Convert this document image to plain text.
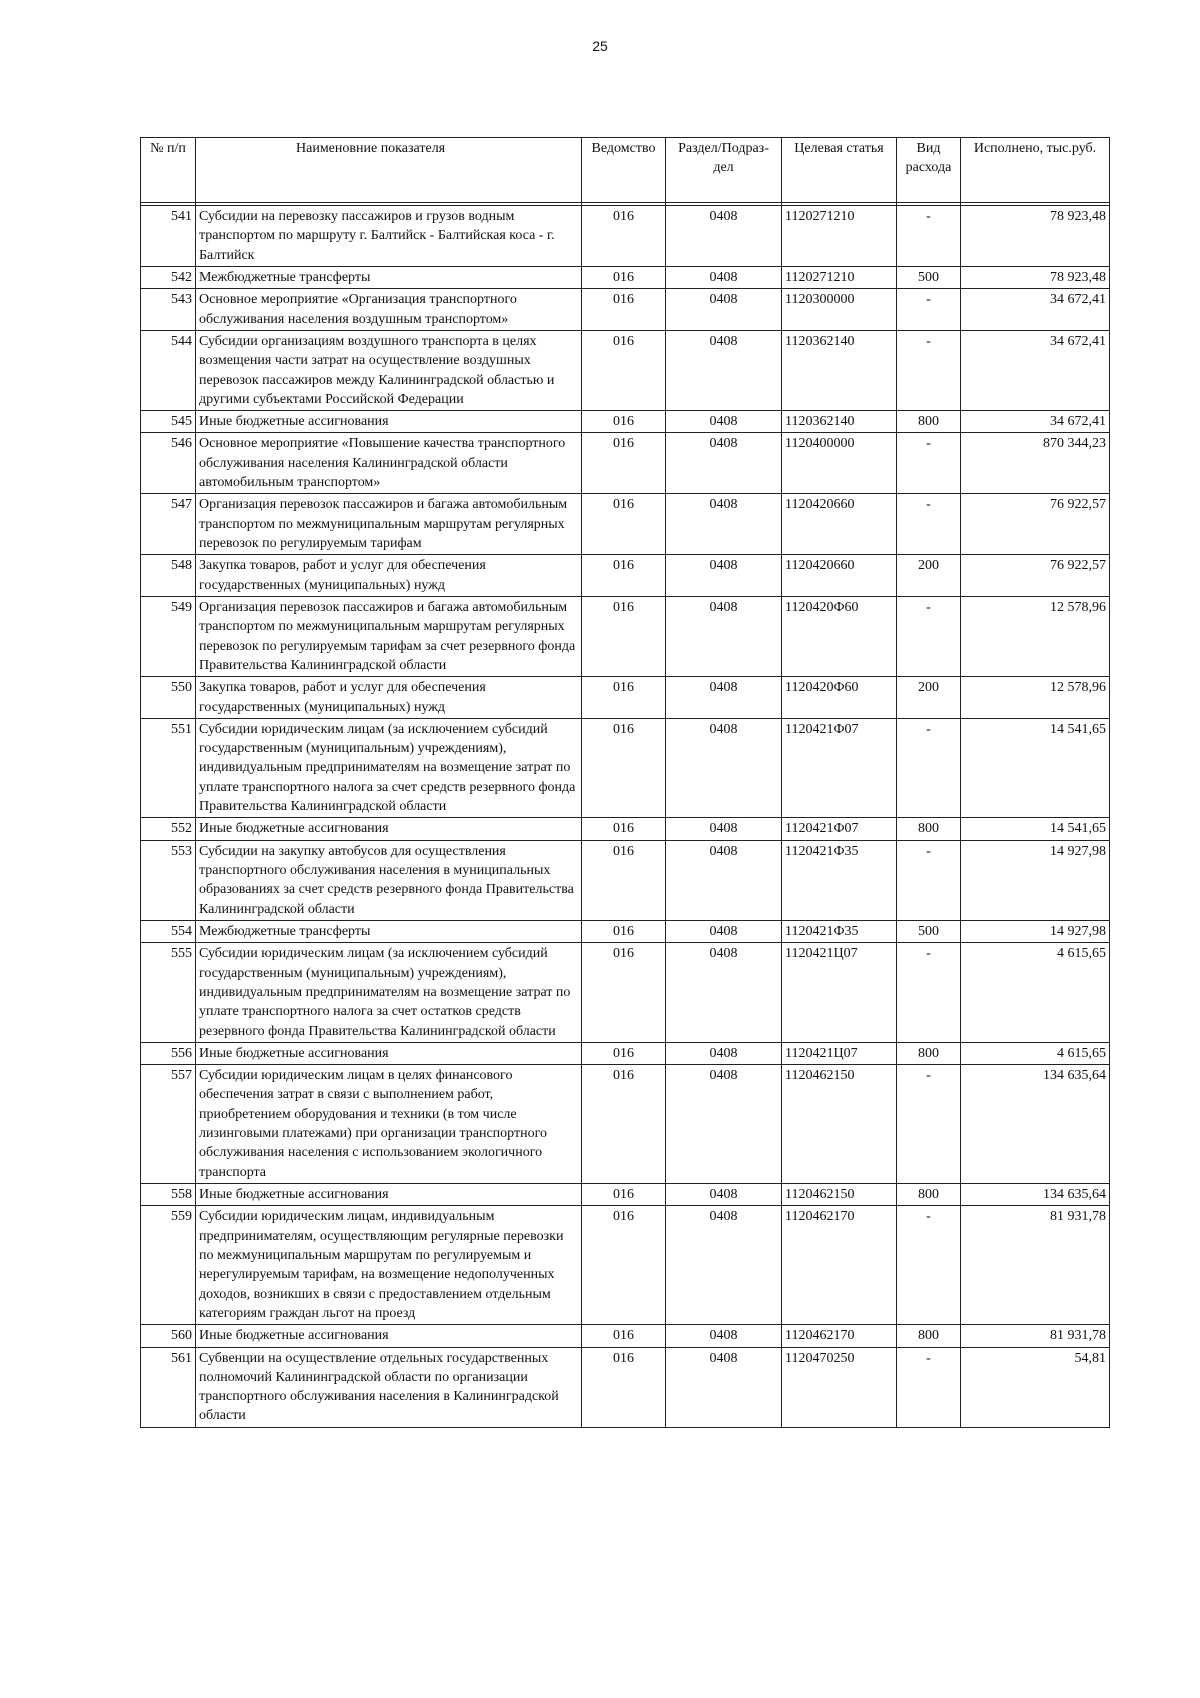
25
№ п/п	Наименовние показателя	Ведомство	Раздел/Подраз-дел	Целевая статья	Вид расхода	Исполнено, тыс.руб.

541	Субсидии на перевозку пассажиров и грузов водным транспортом по маршруту г. Балтийск - Балтийская коса - г. Балтийск	016	0408	1120271210	-	78 923,48
542	Межбюджетные трансферты	016	0408	1120271210	500	78 923,48
543	Основное мероприятие «Организация транспортного обслуживания населения воздушным транспортом»	016	0408	1120300000	-	34 672,41
544	Субсидии организациям воздушного транспорта в целях возмещения части затрат на осуществление воздушных перевозок пассажиров между Калининградской областью и другими субъектами Российской Федерации	016	0408	1120362140	-	34 672,41
545	Иные бюджетные ассигнования	016	0408	1120362140	800	34 672,41
546	Основное мероприятие «Повышение качества транспортного обслуживания населения Калининградской области автомобильным транспортом»	016	0408	1120400000	-	870 344,23
547	Организация перевозок пассажиров и багажа автомобильным транспортом по межмуниципальным маршрутам регулярных перевозок по регулируемым тарифам	016	0408	1120420660	-	76 922,57
548	Закупка товаров, работ и услуг для обеспечения государственных (муниципальных) нужд	016	0408	1120420660	200	76 922,57
549	Организация перевозок пассажиров и багажа автомобильным транспортом по межмуниципальным маршрутам регулярных перевозок по регулируемым тарифам за счет резервного фонда Правительства Калининградской области	016	0408	1120420Ф60	-	12 578,96
550	Закупка товаров, работ и услуг для обеспечения государственных (муниципальных) нужд	016	0408	1120420Ф60	200	12 578,96
551	Субсидии юридическим лицам (за исключением субсидий государственным (муниципальным) учреждениям), индивидуальным предпринимателям на возмещение затрат по уплате транспортного налога за счет средств резервного фонда Правительства Калининградской области	016	0408	1120421Ф07	-	14 541,65
552	Иные бюджетные ассигнования	016	0408	1120421Ф07	800	14 541,65
553	Субсидии на закупку автобусов для осуществления транспортного обслуживания населения в муниципальных образованиях за счет средств резервного фонда Правительства Калининградской области	016	0408	1120421Ф35	-	14 927,98
554	Межбюджетные трансферты	016	0408	1120421Ф35	500	14 927,98
555	Субсидии юридическим лицам (за исключением субсидий государственным (муниципальным) учреждениям), индивидуальным предпринимателям на возмещение затрат по уплате транспортного налога за счет остатков средств резервного фонда Правительства Калининградской области	016	0408	1120421Ц07	-	4 615,65
556	Иные бюджетные ассигнования	016	0408	1120421Ц07	800	4 615,65
557	Субсидии юридическим лицам в целях финансового обеспечения затрат в связи с выполнением работ, приобретением оборудования и техники (в том числе лизинговыми платежами) при организации транспортного обслуживания населения с использованием экологичного транспорта	016	0408	1120462150	-	134 635,64
558	Иные бюджетные ассигнования	016	0408	1120462150	800	134 635,64
559	Субсидии юридическим лицам, индивидуальным предпринимателям, осуществляющим регулярные перевозки по межмуниципальным маршрутам по регулируемым и нерегулируемым тарифам, на возмещение недополученных доходов, возникших в связи с предоставлением отдельным категориям граждан льгот на проезд	016	0408	1120462170	-	81 931,78
560	Иные бюджетные ассигнования	016	0408	1120462170	800	81 931,78
561	Субвенции на осуществление отдельных государственных полномочий Калининградской области по организации транспортного обслуживания населения в Калининградской области	016	0408	1120470250	-	54,81
